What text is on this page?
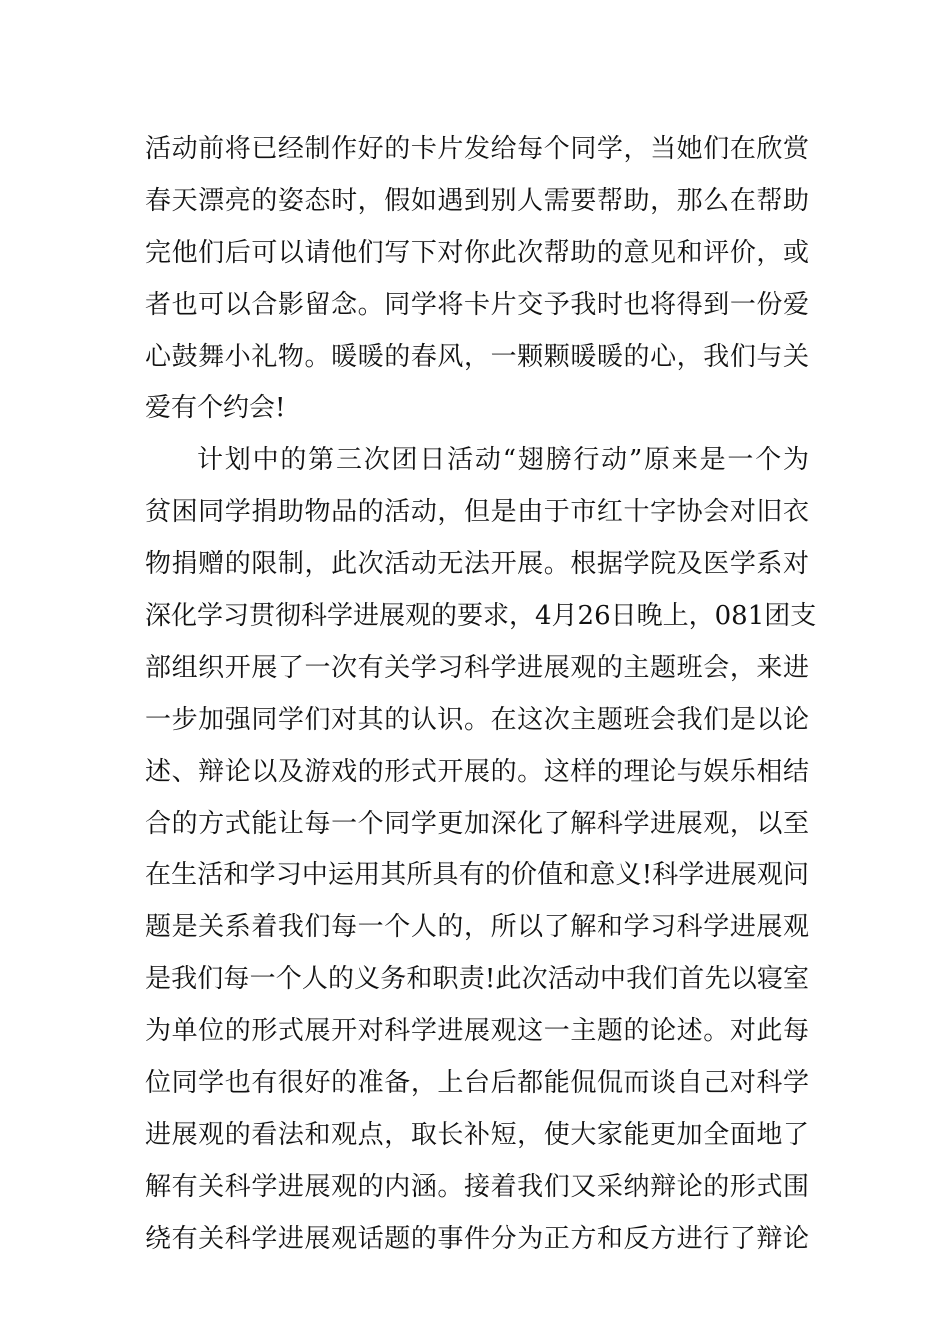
活动前将已经制作好的卡片发给每个同学，当她们在欣赏
春天漂亮的姿态时，假如遇到别人需要帮助，那么在帮助
完他们后可以请他们写下对你此次帮助的意见和评价，或
者也可以合影留念。同学将卡片交予我时也将得到一份爱
心鼓舞小礼物。暖暖的春风，一颗颗暖暖的心，我们与关
爱有个约会!
计划中的第三次团日活动“翅膀行动”原来是一个为
贫困同学捐助物品的活动，但是由于市红十字协会对旧衣
物捐赠的限制，此次活动无法开展。根据学院及医学系对
深化学习贯彻科学进展观的要求，4月26日晚上，081团支
部组织开展了一次有关学习科学进展观的主题班会，来进
一步加强同学们对其的认识。在这次主题班会我们是以论
述、辩论以及游戏的形式开展的。这样的理论与娱乐相结
合的方式能让每一个同学更加深化了解科学进展观，以至
在生活和学习中运用其所具有的价值和意义!科学进展观问
题是关系着我们每一个人的，所以了解和学习科学进展观
是我们每一个人的义务和职责!此次活动中我们首先以寝室
为单位的形式展开对科学进展观这一主题的论述。对此每
位同学也有很好的准备，上台后都能侃侃而谈自己对科学
进展观的看法和观点，取长补短，使大家能更加全面地了
解有关科学进展观的内涵。接着我们又采纳辩论的形式围
绕有关科学进展观话题的事件分为正方和反方进行了辩论
